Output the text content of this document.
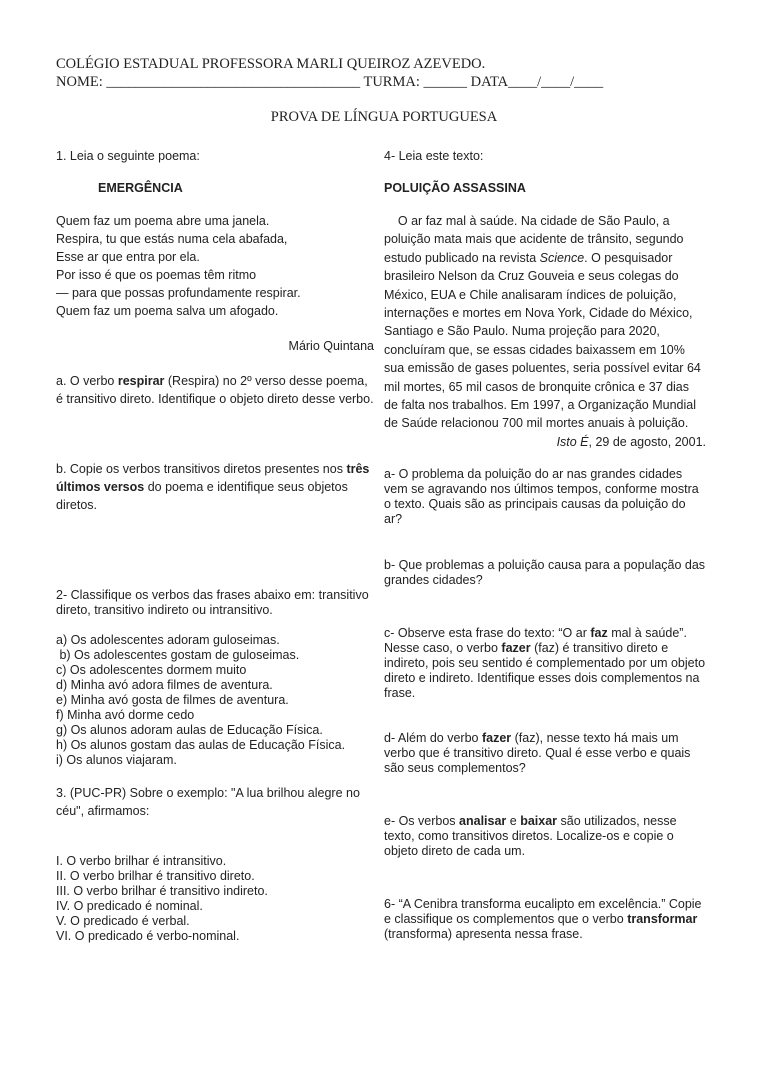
COLÉGIO ESTADUAL PROFESSORA MARLI QUEIROZ AZEVEDO.
NOME: ___________________________________ TURMA: ______ DATA____/____/____
PROVA DE LÍNGUA PORTUGUESA

1. Leia o seguinte poema:

EMERGÊNCIA

Quem faz um poema abre uma janela.
Respira, tu que estás numa cela abafada,
Esse ar que entra por ela.
Por isso é que os poemas têm ritmo
— para que possas profundamente respirar.
Quem faz um poema salva um afogado.

Mário Quintana

a. O verbo respirar (Respira) no 2º verso desse poema, é transitivo direto. Identifique o objeto direto desse verbo.

b. Copie os verbos transitivos diretos presentes nos três últimos versos do poema e identifique seus objetos diretos.

2- Classifique os verbos das frases abaixo em: transitivo direto, transitivo indireto ou intransitivo.

a) Os adolescentes adoram guloseimas.
b) Os adolescentes gostam de guloseimas.
c) Os adolescentes dormem muito
d) Minha avó adora filmes de aventura.
e) Minha avó gosta de filmes de aventura.
f) Minha avó dorme cedo
g) Os alunos adoram aulas de Educação Física.
h) Os alunos gostam das aulas de Educação Física.
i) Os alunos viajaram.

3. (PUC-PR) Sobre o exemplo: "A lua brilhou alegre no céu", afirmamos:

I. O verbo brilhar é intransitivo.
II. O verbo brilhar é transitivo direto.
III. O verbo brilhar é transitivo indireto.
IV. O predicado é nominal.
V. O predicado é verbal.
VI. O predicado é verbo-nominal.

4- Leia este texto:

POLUIÇÃO ASSASSINA

O ar faz mal à saúde. Na cidade de São Paulo, a poluição mata mais que acidente de trânsito, segundo estudo publicado na revista Science. O pesquisador brasileiro Nelson da Cruz Gouveia e seus colegas do México, EUA e Chile analisaram índices de poluição, internações e mortes em Nova York, Cidade do México, Santiago e São Paulo. Numa projeção para 2020, concluíram que, se essas cidades baixassem em 10% sua emissão de gases poluentes, seria possível evitar 64 mil mortes, 65 mil casos de bronquite crônica e 37 dias de falta nos trabalhos. Em 1997, a Organização Mundial de Saúde relacionou 700 mil mortes anuais à poluição.

Isto É, 29 de agosto, 2001.

a- O problema da poluição do ar nas grandes cidades vem se agravando nos últimos tempos, conforme mostra o texto. Quais são as principais causas da poluição do ar?

b- Que problemas a poluição causa para a população das grandes cidades?

c- Observe esta frase do texto: “O ar faz mal à saúde”. Nesse caso, o verbo fazer (faz) é transitivo direto e indireto, pois seu sentido é complementado por um objeto direto e indireto. Identifique esses dois complementos na frase.

d- Além do verbo fazer (faz), nesse texto há mais um verbo que é transitivo direto. Qual é esse verbo e quais são seus complementos?

e- Os verbos analisar e baixar são utilizados, nesse texto, como transitivos diretos. Localize-os e copie o objeto direto de cada um.

6- “A Cenibra transforma eucalipto em excelência.” Copie e classifique os complementos que o verbo transformar (transforma) apresenta nessa frase.
